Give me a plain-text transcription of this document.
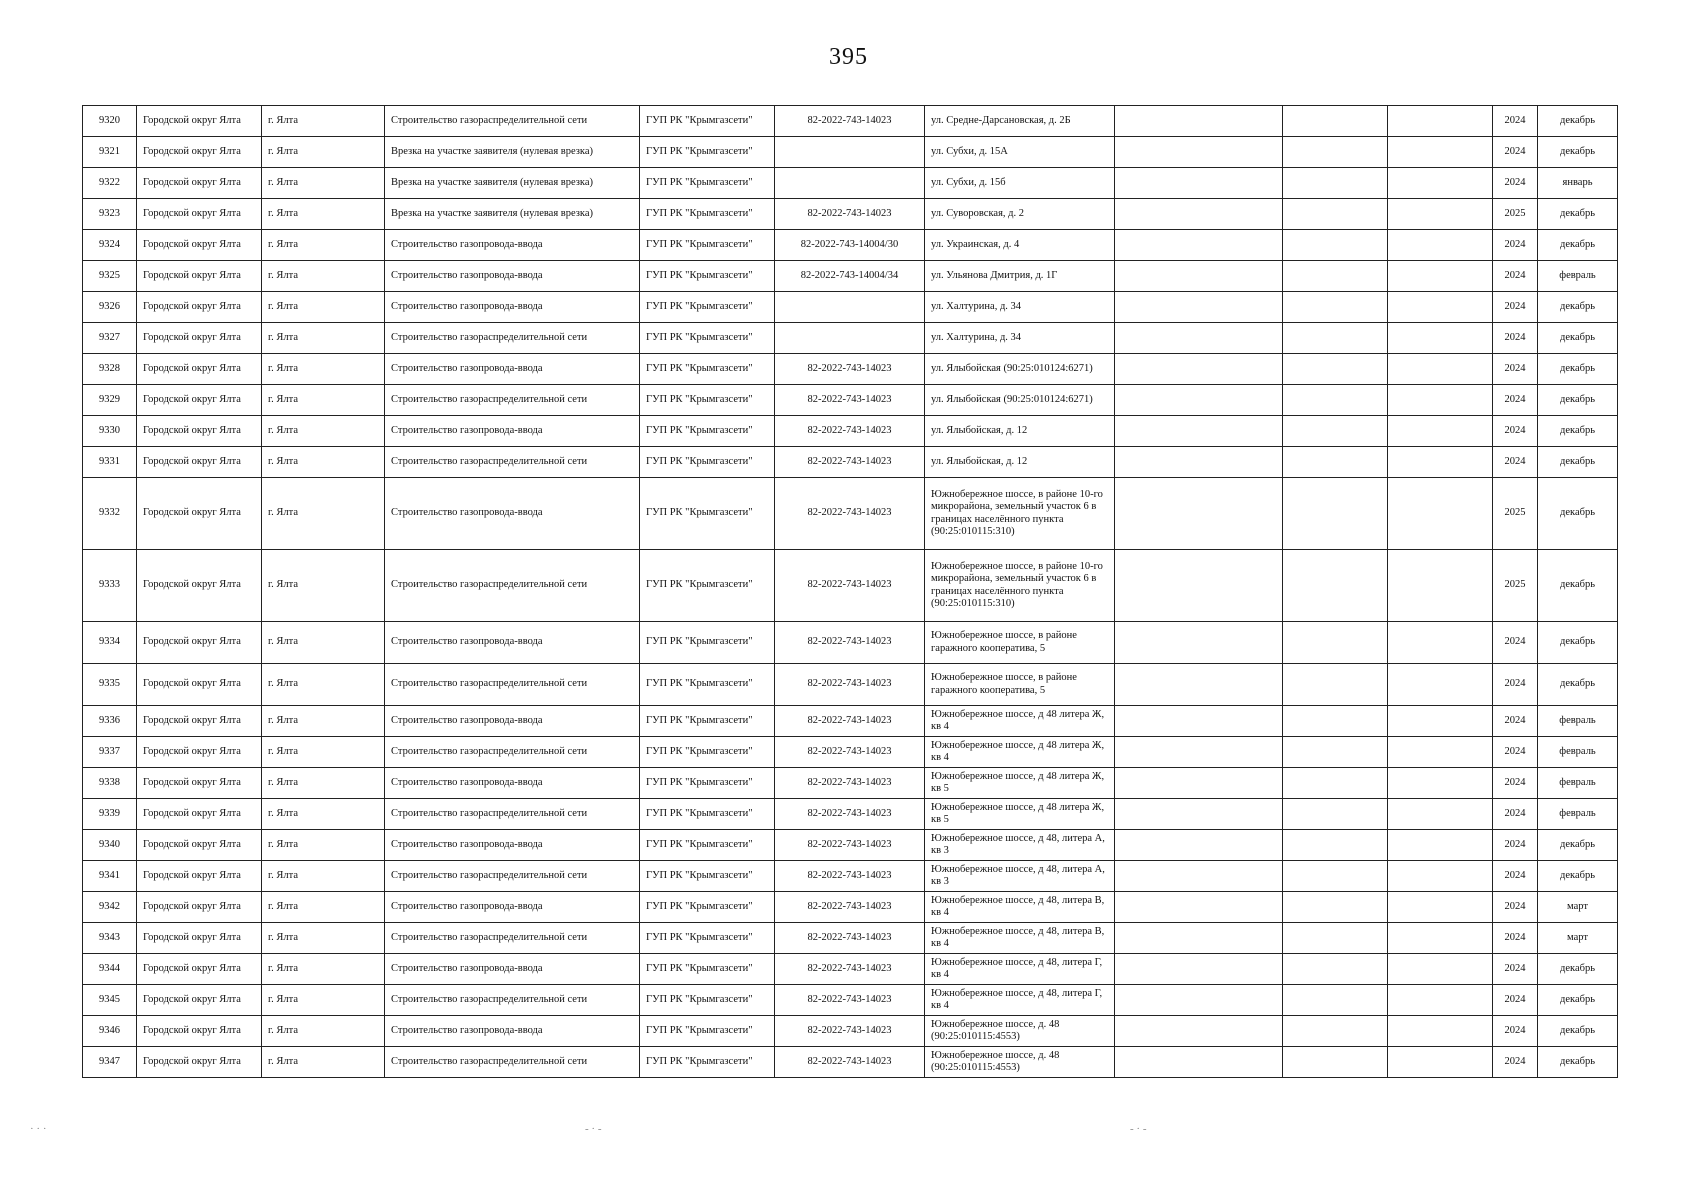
395
9320	Городской округ Ялта	г. Ялта	Строительство газораспределительной сети	ГУП РК "Крымгазсети"	82-2022-743-14023	ул. Средне-Дарсановская, д. 2Б				2024	декабрь
9321	Городской округ Ялта	г. Ялта	Врезка на участке заявителя (нулевая врезка)	ГУП РК "Крымгазсети"		ул. Субхи, д. 15А				2024	декабрь
9322	Городской округ Ялта	г. Ялта	Врезка на участке заявителя (нулевая врезка)	ГУП РК "Крымгазсети"		ул. Субхи, д. 15б				2024	январь
9323	Городской округ Ялта	г. Ялта	Врезка на участке заявителя (нулевая врезка)	ГУП РК "Крымгазсети"	82-2022-743-14023	ул. Суворовская, д. 2				2025	декабрь
9324	Городской округ Ялта	г. Ялта	Строительство газопровода-ввода	ГУП РК "Крымгазсети"	82-2022-743-14004/30	ул. Украинская, д. 4				2024	декабрь
9325	Городской округ Ялта	г. Ялта	Строительство газопровода-ввода	ГУП РК "Крымгазсети"	82-2022-743-14004/34	ул. Ульянова Дмитрия, д. 1Г				2024	февраль
9326	Городской округ Ялта	г. Ялта	Строительство газопровода-ввода	ГУП РК "Крымгазсети"		ул. Халтурина, д. 34				2024	декабрь
9327	Городской округ Ялта	г. Ялта	Строительство газораспределительной сети	ГУП РК "Крымгазсети"		ул. Халтурина, д. 34				2024	декабрь
9328	Городской округ Ялта	г. Ялта	Строительство газопровода-ввода	ГУП РК "Крымгазсети"	82-2022-743-14023	ул. Ялыбойская (90:25:010124:6271)				2024	декабрь
9329	Городской округ Ялта	г. Ялта	Строительство газораспределительной сети	ГУП РК "Крымгазсети"	82-2022-743-14023	ул. Ялыбойская (90:25:010124:6271)				2024	декабрь
9330	Городской округ Ялта	г. Ялта	Строительство газопровода-ввода	ГУП РК "Крымгазсети"	82-2022-743-14023	ул. Ялыбойская, д. 12				2024	декабрь
9331	Городской округ Ялта	г. Ялта	Строительство газораспределительной сети	ГУП РК "Крымгазсети"	82-2022-743-14023	ул. Ялыбойская, д. 12				2024	декабрь
9332	Городской округ Ялта	г. Ялта	Строительство газопровода-ввода	ГУП РК "Крымгазсети"	82-2022-743-14023	Южнобережное шоссе, в районе 10-го микрорайона, земельный участок 6 в границах населённого пункта (90:25:010115:310)				2025	декабрь
9333	Городской округ Ялта	г. Ялта	Строительство газораспределительной сети	ГУП РК "Крымгазсети"	82-2022-743-14023	Южнобережное шоссе, в районе 10-го микрорайона, земельный участок 6 в границах населённого пункта (90:25:010115:310)				2025	декабрь
9334	Городской округ Ялта	г. Ялта	Строительство газопровода-ввода	ГУП РК "Крымгазсети"	82-2022-743-14023	Южнобережное шоссе, в районе гаражного кооператива, 5				2024	декабрь
9335	Городской округ Ялта	г. Ялта	Строительство газораспределительной сети	ГУП РК "Крымгазсети"	82-2022-743-14023	Южнобережное шоссе, в районе гаражного кооператива, 5				2024	декабрь
9336	Городской округ Ялта	г. Ялта	Строительство газопровода-ввода	ГУП РК "Крымгазсети"	82-2022-743-14023	Южнобережное шоссе, д 48 литера Ж, кв 4				2024	февраль
9337	Городской округ Ялта	г. Ялта	Строительство газораспределительной сети	ГУП РК "Крымгазсети"	82-2022-743-14023	Южнобережное шоссе, д 48 литера Ж, кв 4				2024	февраль
9338	Городской округ Ялта	г. Ялта	Строительство газопровода-ввода	ГУП РК "Крымгазсети"	82-2022-743-14023	Южнобережное шоссе, д 48 литера Ж, кв 5				2024	февраль
9339	Городской округ Ялта	г. Ялта	Строительство газораспределительной сети	ГУП РК "Крымгазсети"	82-2022-743-14023	Южнобережное шоссе, д 48 литера Ж, кв 5				2024	февраль
9340	Городской округ Ялта	г. Ялта	Строительство газопровода-ввода	ГУП РК "Крымгазсети"	82-2022-743-14023	Южнобережное шоссе, д 48, литера А, кв 3				2024	декабрь
9341	Городской округ Ялта	г. Ялта	Строительство газораспределительной сети	ГУП РК "Крымгазсети"	82-2022-743-14023	Южнобережное шоссе, д 48, литера А, кв 3				2024	декабрь
9342	Городской округ Ялта	г. Ялта	Строительство газопровода-ввода	ГУП РК "Крымгазсети"	82-2022-743-14023	Южнобережное шоссе, д 48, литера В, кв 4				2024	март
9343	Городской округ Ялта	г. Ялта	Строительство газораспределительной сети	ГУП РК "Крымгазсети"	82-2022-743-14023	Южнобережное шоссе, д 48, литера В, кв 4				2024	март
9344	Городской округ Ялта	г. Ялта	Строительство газопровода-ввода	ГУП РК "Крымгазсети"	82-2022-743-14023	Южнобережное шоссе, д 48, литера Г, кв 4				2024	декабрь
9345	Городской округ Ялта	г. Ялта	Строительство газораспределительной сети	ГУП РК "Крымгазсети"	82-2022-743-14023	Южнобережное шоссе, д 48, литера Г, кв 4				2024	декабрь
9346	Городской округ Ялта	г. Ялта	Строительство газопровода-ввода	ГУП РК "Крымгазсети"	82-2022-743-14023	Южнобережное шоссе, д. 48 (90:25:010115:4553)				2024	декабрь
9347	Городской округ Ялта	г. Ялта	Строительство газораспределительной сети	ГУП РК "Крымгазсети"	82-2022-743-14023	Южнобережное шоссе, д. 48 (90:25:010115:4553)				2024	декабрь
· · ·	- · -	- · -
